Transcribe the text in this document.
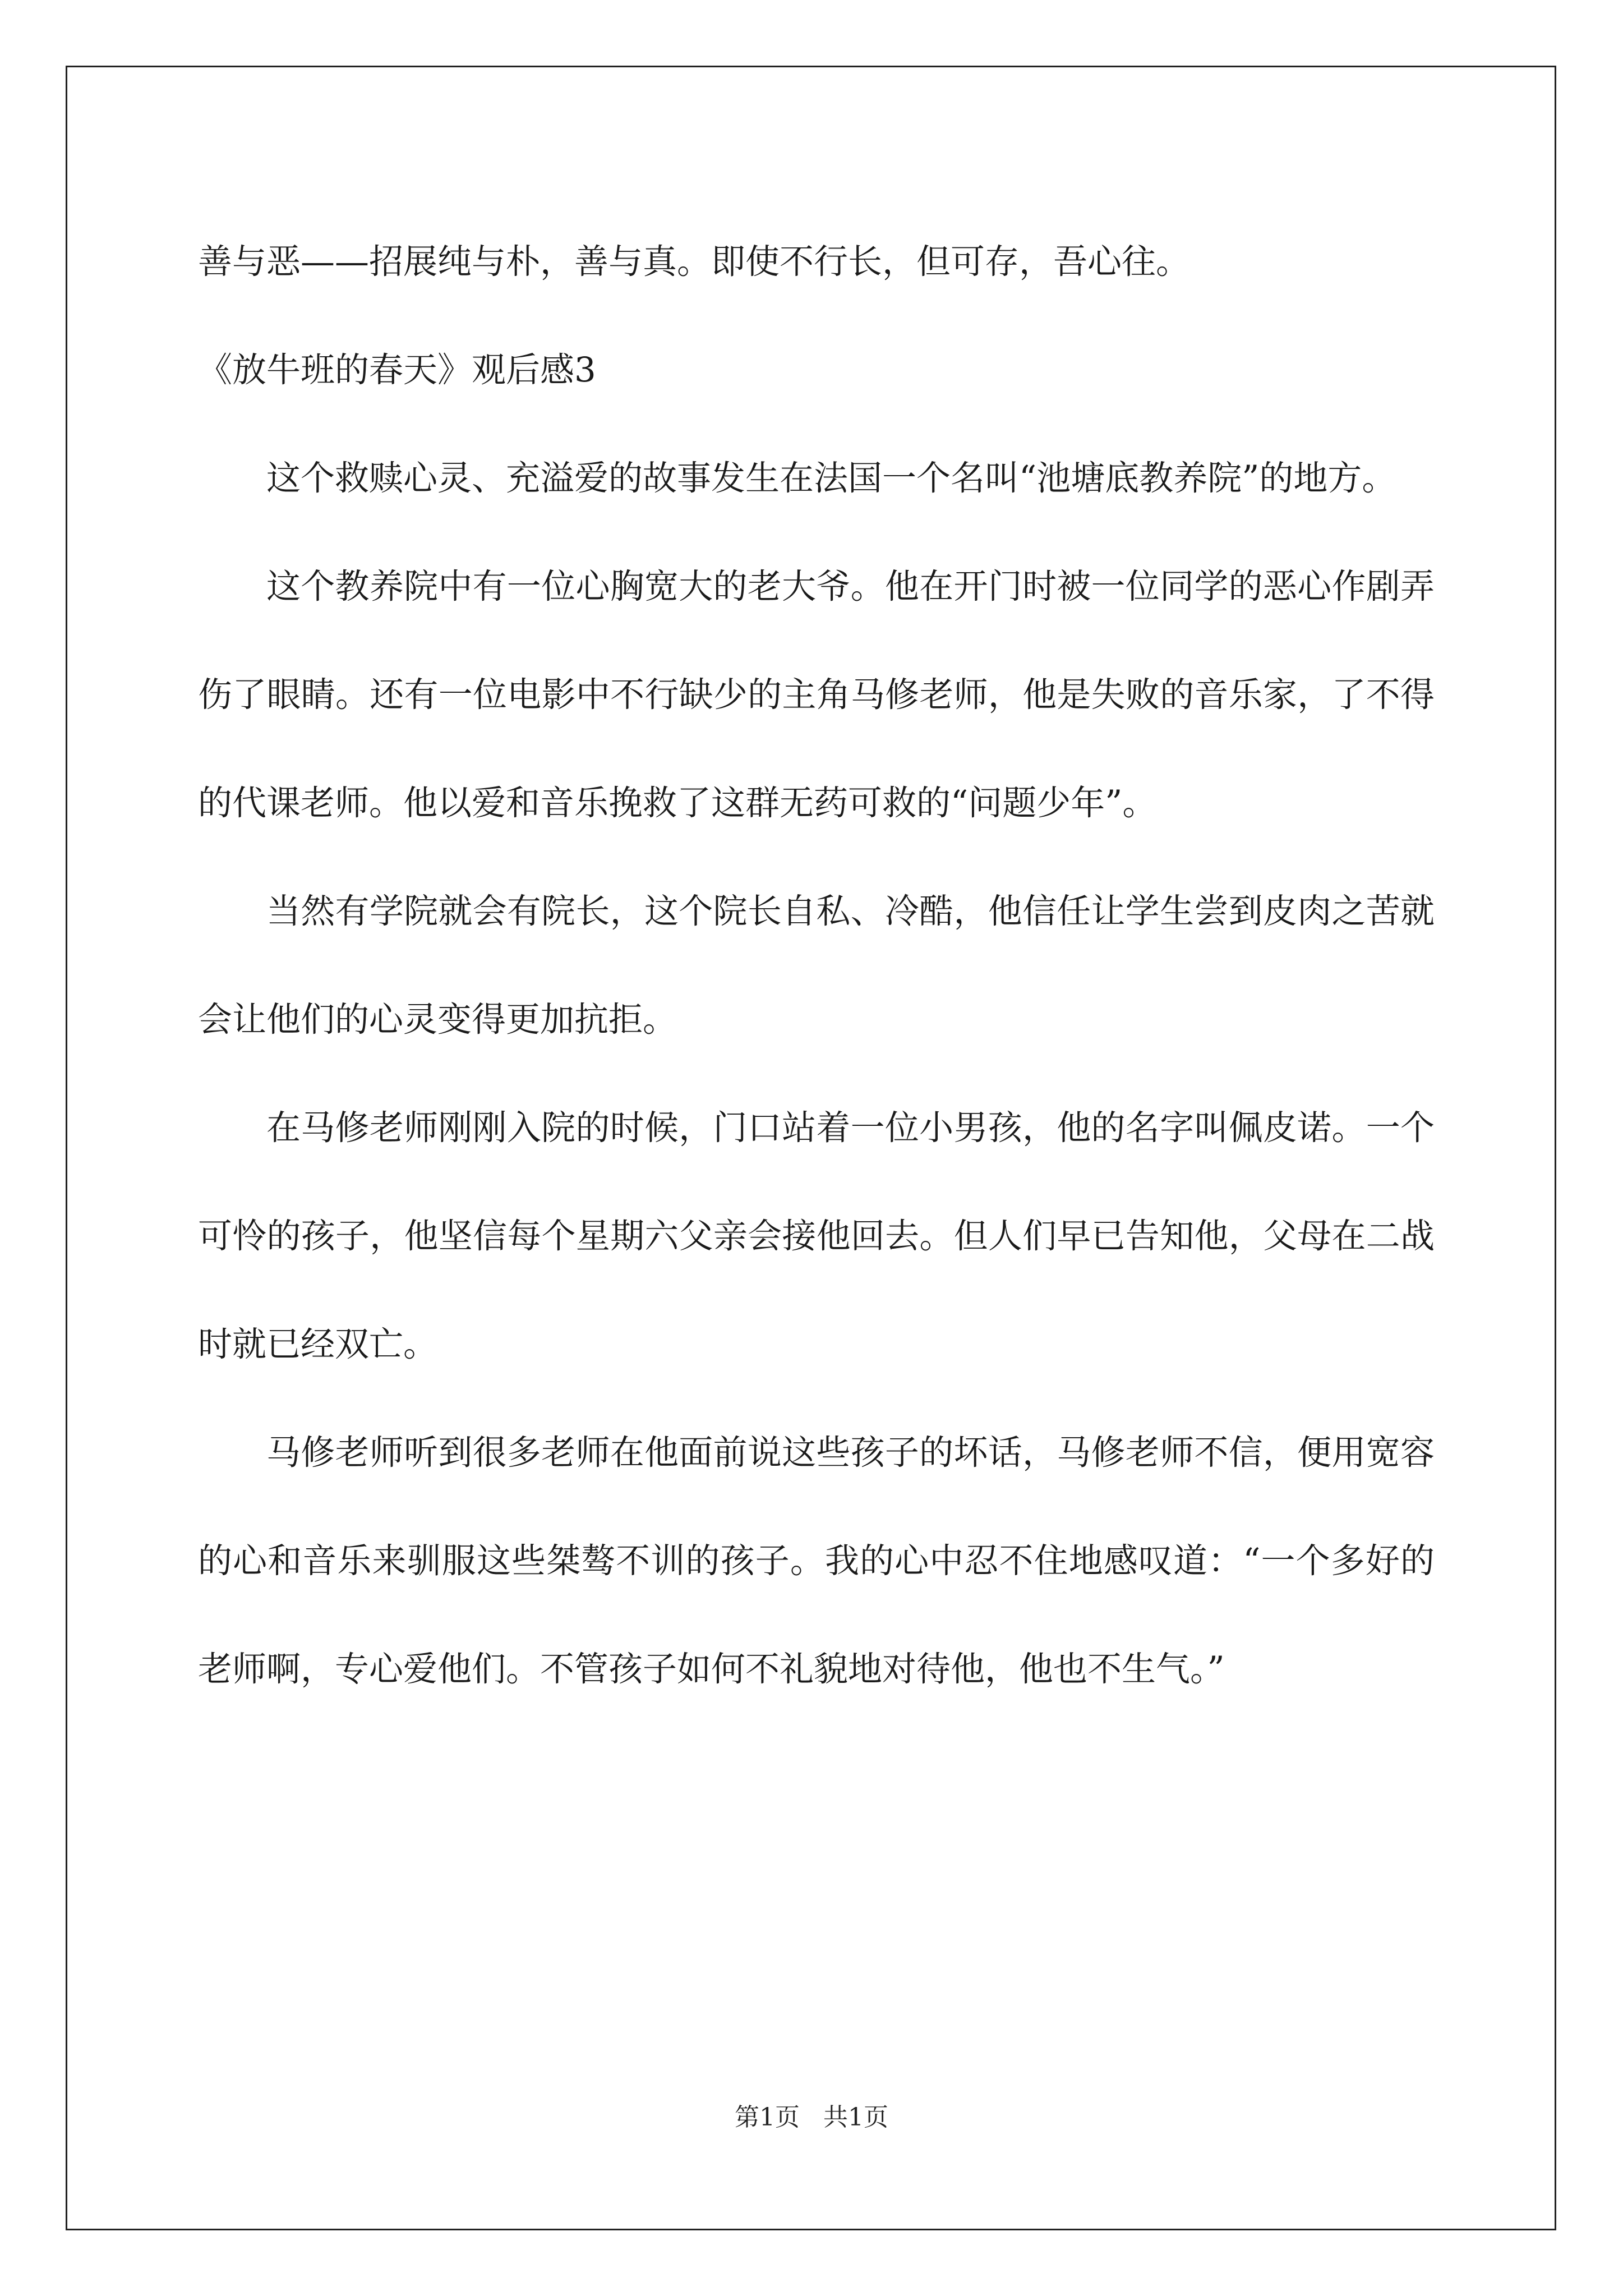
善与恶——招展纯与朴，善与真。即使不行长，但可存，吾心往。

《放牛班的春天》观后感3

这个救赎心灵、充溢爱的故事发生在法国一个名叫“池塘底教养院”的地方。

这个教养院中有一位心胸宽大的老大爷。他在开门时被一位同学的恶心作剧弄伤了眼睛。还有一位电影中不行缺少的主角马修老师，他是失败的音乐家，了不得的代课老师。他以爱和音乐挽救了这群无药可救的“问题少年”。

当然有学院就会有院长，这个院长自私、冷酷，他信任让学生尝到皮肉之苦就会让他们的心灵变得更加抗拒。

在马修老师刚刚入院的时候，门口站着一位小男孩，他的名字叫佩皮诺。一个可怜的孩子，他坚信每个星期六父亲会接他回去。但人们早已告知他，父母在二战时就已经双亡。

马修老师听到很多老师在他面前说这些孩子的坏话，马修老师不信，便用宽容的心和音乐来驯服这些桀骜不训的孩子。我的心中忍不住地感叹道：“一个多好的老师啊，专心爱他们。不管孩子如何不礼貌地对待他，他也不生气。”

第1页 共1页
